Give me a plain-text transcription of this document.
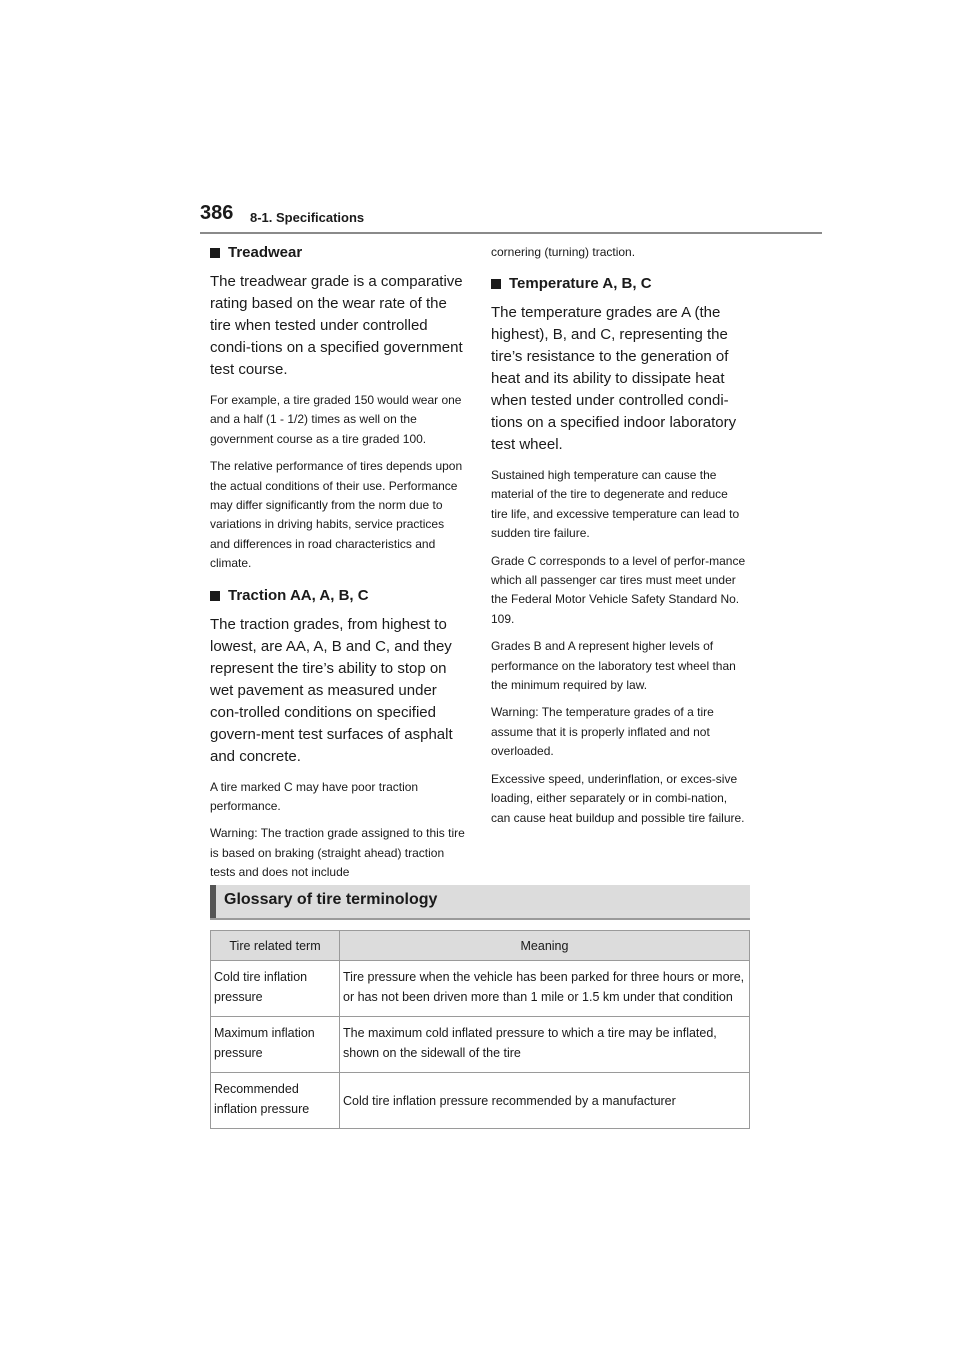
386 8-1. Specifications
Treadwear

The treadwear grade is a comparative rating based on the wear rate of the tire when tested under controlled condi-tions on a specified government test course.

For example, a tire graded 150 would wear one and a half (1 - 1/2) times as well on the government course as a tire graded 100.

The relative performance of tires depends upon the actual conditions of their use. Performance may differ significantly from the norm due to variations in driving habits, service practices and differences in road characteristics and climate.

Traction AA, A, B, C

The traction grades, from highest to lowest, are AA, A, B and C, and they represent the tire’s ability to stop on wet pavement as measured under con-trolled conditions on specified govern-ment test surfaces of asphalt and concrete.

A tire marked C may have poor traction performance.

Warning: The traction grade assigned to this tire is based on braking (straight ahead) traction tests and does not include

cornering (turning) traction.

Temperature A, B, C

The temperature grades are A (the highest), B, and C, representing the tire’s resistance to the generation of heat and its ability to dissipate heat when tested under controlled condi-tions on a specified indoor laboratory test wheel.

Sustained high temperature can cause the material of the tire to degenerate and reduce tire life, and excessive temperature can lead to sudden tire failure.

Grade C corresponds to a level of perfor-mance which all passenger car tires must meet under the Federal Motor Vehicle Safety Standard No. 109.

Grades B and A represent higher levels of performance on the laboratory test wheel than the minimum required by law.

Warning: The temperature grades of a tire assume that it is properly inflated and not overloaded.

Excessive speed, underinflation, or exces-sive loading, either separately or in combi-nation, can cause heat buildup and possible tire failure.

Glossary of tire terminology
Tire related term	Meaning
Cold tire inflation pressure	Tire pressure when the vehicle has been parked for three hours or more, or has not been driven more than 1 mile or 1.5 km under that condition
Maximum inflation pressure	The maximum cold inflated pressure to which a tire may be inflated, shown on the sidewall of the tire
Recommended inflation pressure	Cold tire inflation pressure recommended by a manufacturer
